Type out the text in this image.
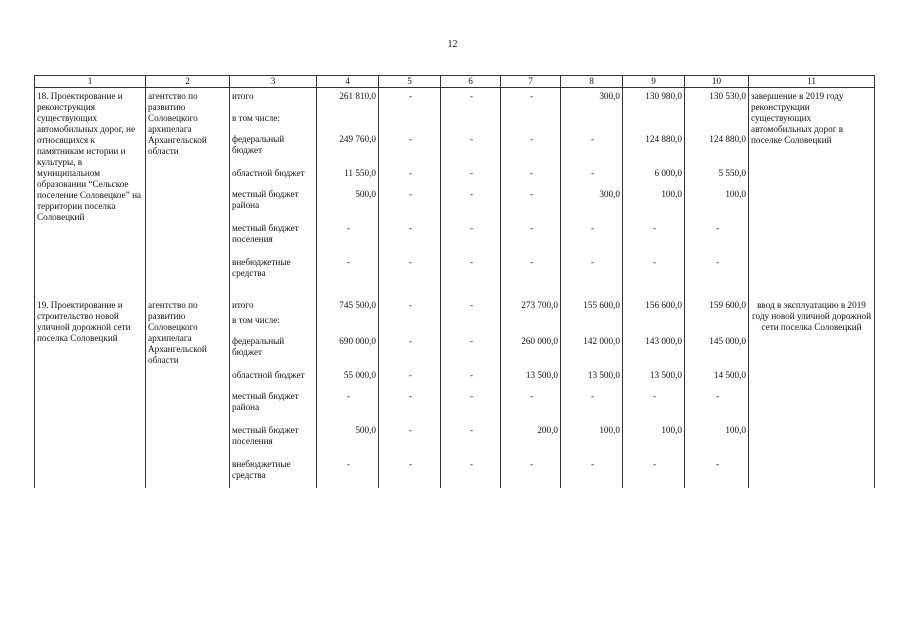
12
1	2	3	4	5	6	7	8	9	10	11
18. Проектирование и реконструкция существующих автомобильных дорог, не относящихся к памятникам истории и культуры, в муниципальном образовании “Сельское поселение Соловецкое” на территории поселка Соловецкий	агентство по развитию Соловецкого архипелага Архангельской области	итого	261 810,0	-	-	-	300,0	130 980,0	130 530,0	завершение в 2019 году реконструкции существующих автомобильных дорог в поселке Соловецкий
		в том числе:								
		федеральный бюджет	249 760,0	-	-	-	-	124 880,0	124 880,0	
		областной бюджет	11 550,0	-	-	-	-	6 000,0	5 550,0	
		местный бюджет района	500,0	-	-	-	300,0	100,0	100,0	
		местный бюджет поселения	-	-	-	-	-	-	-	
		внебюджетные средства	-	-	-	-	-	-	-	
19. Проектирование и строительство новой уличной дорожной сети поселка Соловецкий	агентство по развитию Соловецкого архипелага Архангельской области	итого	745 500,0	-	-	273 700,0	155 600,0	156 600,0	159 600,0	ввод в эксплуатацию в 2019 году новой уличной дорожной сети поселка Соловецкий
		в том числе:								
		федеральный бюджет	690 000,0	-	-	260 000,0	142 000,0	143 000,0	145 000,0	
		областной бюджет	55 000,0	-	-	13 500,0	13 500,0	13 500,0	14 500,0	
		местный бюджет района	-	-	-	-	-	-	-	
		местный бюджет поселения	500,0	-	-	200,0	100,0	100,0	100,0	
		внебюджетные средства	-	-	-	-	-	-	-	
